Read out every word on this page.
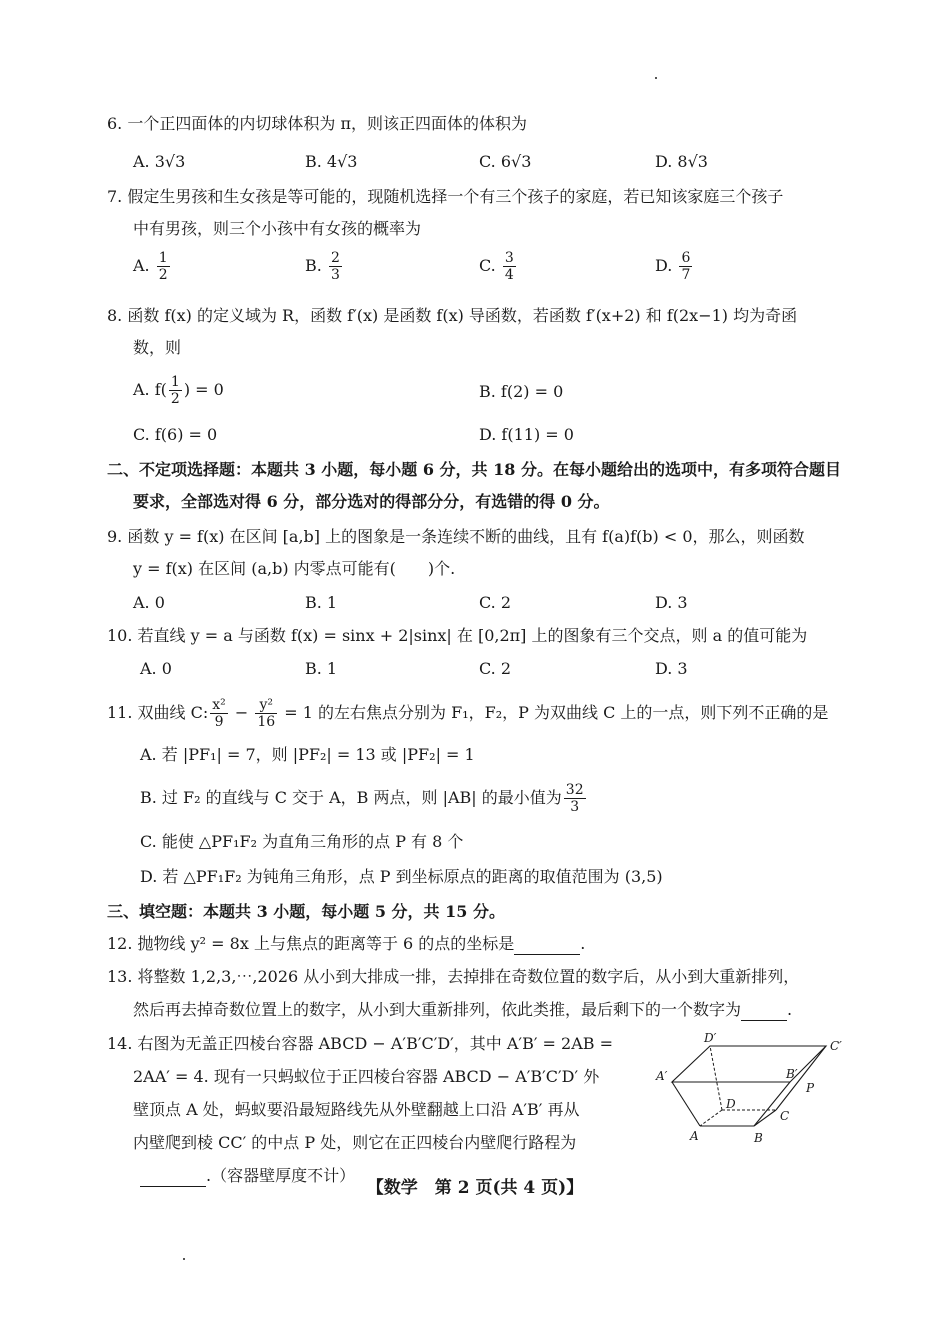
6. 一个正四面体的内切球体积为 π，则该正四面体的体积为
A. 3√3	B. 4√3	C. 6√3	D. 8√3
7. 假定生男孩和生女孩是等可能的，现随机选择一个有三个孩子的家庭，若已知该家庭三个孩子
中有男孩，则三个小孩中有女孩的概率为
A. $\frac{1}{2}$	B. $\frac{2}{3}$	C. $\frac{3}{4}$	D. $\frac{6}{7}$
8. 函数 f(x) 的定义域为 R，函数 f′(x) 是函数 f(x) 导函数，若函数 f′(x+2) 和 f(2x−1) 均为奇函
数，则
A. $f( \frac{1}{2}$ ) = 0	B. f(2) = 0
C. f(6) = 0	D. f(11) = 0
二、不定项选择题：本题共 3 小题，每小题 6 分，共 18 分。在每小题给出的选项中，有多项符合题目
要求，全部选对得 6 分，部分选对的得部分分，有选错的得 0 分。
9. 函数 y = f(x) 在区间 [a,b] 上的图象是一条连续不断的曲线，且有 f(a)f(b) < 0，那么，则函数
y = f(x) 在区间 (a,b) 内零点可能有(　　)个.
A. 0	B. 1	C. 2	D. 3
10. 若直线 y = a 与函数 f(x) = sinx + 2|sinx| 在 [0,2π] 上的图象有三个交点，则 a 的值可能为
A. 0	B. 1	C. 2	D. 3
11. 双曲线 C: $\frac{\text{x²}}{9} - \frac{\text{y²}}{16} = 1$ 的左右焦点分别为 F₁，F₂，P 为双曲线 C 上的一点，则下列不正确的是
A. 若 |PF₁| = 7，则 |PF₂| = 13 或 |PF₂| = 1
B. 过 F₂ 的直线与 C 交于 A，B 两点，则 |AB| 的最小值为 $\frac{32}{3}$
C. 能使 △PF₁F₂ 为直角三角形的点 P 有 8 个
D. 若 △PF₁F₂ 为钝角三角形，点 P 到坐标原点的距离的取值范围为 (3,5)
三、填空题：本题共 3 小题，每小题 5 分，共 15 分。
12. 抛物线 y² = 8x 上与焦点的距离等于 6 的点的坐标是	.
13. 将整数 1,2,3,⋯,2026 从小到大排成一排，去掉排在奇数位置的数字后，从小到大重新排列，
然后再去掉奇数位置上的数字，从小到大重新排列，依此类推，最后剩下的一个数字为	.
14. 右图为无盖正四棱台容器 ABCD − A′B′C′D′，其中 A′B′ = 2AB =
2AA′ = 4. 现有一只蚂蚁位于正四棱台容器 ABCD − A′B′C′D′ 外
壁顶点 A 处，蚂蚁要沿最短路线先从外壁翻越上口沿 A′B′ 再从
内壁爬到棱 CC′ 的中点 P 处，则它在正四棱台内壁爬行路程为
.（容器壁厚度不计）
D′
C′
B′
A′
P
D
C
A	B
【数学　第 2 页(共 4 页)】
